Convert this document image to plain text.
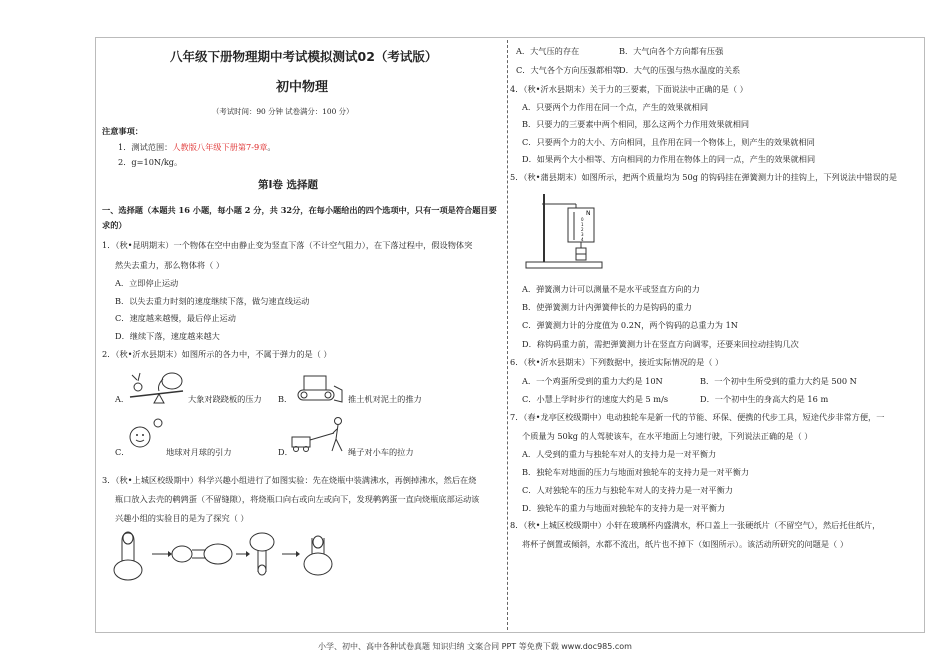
八年级下册物理期中考试模拟测试02（考试版）
初中物理
（考试时间：90 分钟 试卷满分：100 分）
注意事项：
1．测试范围：人教版八年级下册第7-9章。
2．g=10N/kg。
第Ⅰ卷 选择题
一、选择题（本题共 16 小题，每小题 2 分，共 32分，在每小题给出的四个选项中，只有一项是符合题目要
求的）
1．（秋•昆明期末）一个物体在空中由静止变为竖直下落（不计空气阻力），在下落过程中，假设物体突
然失去重力，那么物体将（ ）
A．立即停止运动
B．以失去重力时刻的速度继续下落，做匀速直线运动
C．速度越来越慢，最后停止运动
D．继续下落，速度越来越大
2．（秋•沂水县期末）如图所示的各力中，不属于弹力的是（ ）
A．	大象对跷跷板的压力 B．	推土机对泥土的推力
C．	地球对月球的引力	D．	绳子对小车的拉力
3．（秋•上城区校级期中）科学兴趣小组进行了如图实验：先在烧瓶中装满沸水，再倒掉沸水，然后在烧
瓶口放入去壳的鹌鹑蛋（不留缝隙），将烧瓶口向右或向左或向下，发现鹌鹑蛋一直向烧瓶底部运动该
兴趣小组的实验目的是为了探究（ ）
A．大气压的存在	B．大气向各个方向都有压强
C．大气各个方向压强都相等
D．大气的压强与热水温度的关系
4．（秋•沂水县期末）关于力的三要素，下面说法中正确的是（ ）
A．只要两个力作用在同一个点，产生的效果就相同
B．只要力的三要素中两个相同，那么这两个力作用效果就相同
C．只要两个力的大小、方向相同，且作用在同一个物体上，则产生的效果就相同
D．如果两个大小相等、方向相同的力作用在物体上的同一点，产生的效果就相同
5．（秋•蒲县期末）如图所示，把两个质量均为 50g 的钩码挂在弹簧测力计的挂钩上，下列说法中错误的是
N
0
1
2
3
4
A．弹簧测力计可以测量不是水平或竖直方向的力
B．使弹簧测力计内弹簧伸长的力是钩码的重力
C．弹簧测力计的分度值为 0.2N，两个钩码的总重力为 1N
D．称钩码重力前，需把弹簧测力计在竖直方向调零，还要来回拉动挂钩几次
6．（秋•沂水县期末）下列数据中，接近实际情况的是（ ）
A．一个鸡蛋所受到的重力大约是 10N	B．一个初中生所受到的重力大约是 500 N
C．小慧上学时步行的速度大约是 5 m/s	D．一个初中生的身高大约是 16 m
7．（春•龙亭区校级期中）电动独轮车是新一代的节能、环保、便携的代步工具，短途代步非常方便，一
个质量为 50kg 的人驾驶该车，在水平地面上匀速行驶，下列说法正确的是（ ）
A．人受到的重力与独轮车对人的支持力是一对平衡力
B．独轮车对地面的压力与地面对独轮车的支持力是一对平衡力
C．人对独轮车的压力与独轮车对人的支持力是一对平衡力
D．独轮车的重力与地面对独轮车的支持力是一对平衡力
8．（秋•上城区校级期中）小轩在玻璃杯内盛满水，杯口盖上一张硬纸片（不留空气），然后托住纸片，
将杯子倒置或倾斜，水都不流出，纸片也不掉下（如图所示）。该活动所研究的问题是（ ）
小学、初中、高中各种试卷真题 知识归纳 文案合同 PPT 等免费下载 www.doc985.com
